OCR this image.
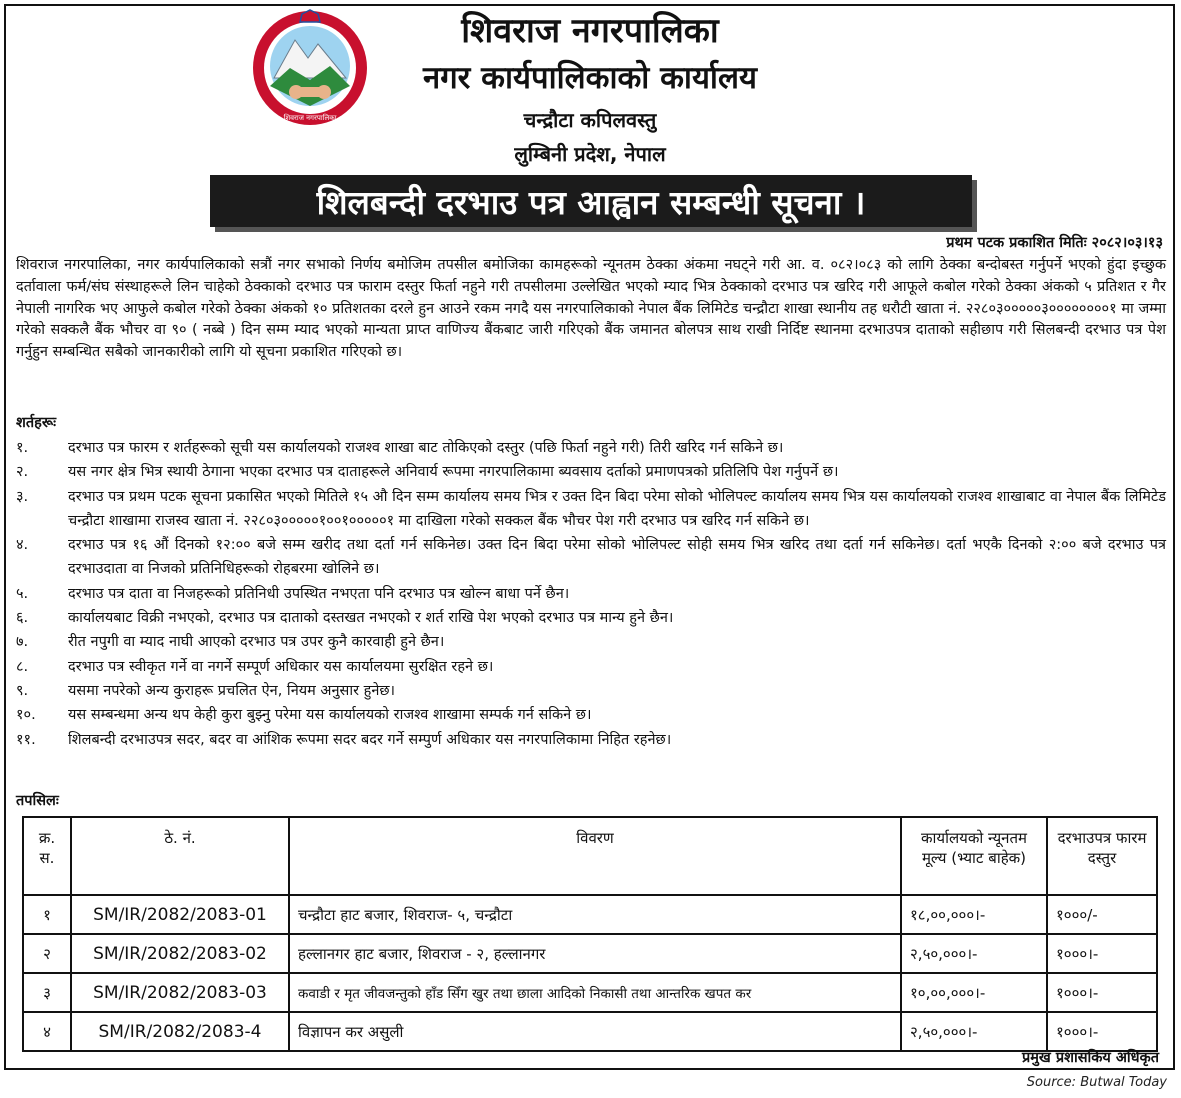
शिवराज नगरपालिका
शिवराज नगरपालिका
नगर कार्यपालिकाको कार्यालय
चन्द्रौटा कपिलवस्तु
लुम्बिनी प्रदेश, नेपाल
शिलबन्दी दरभाउ पत्र आह्वान सम्बन्धी सूचना ।
प्रथम पटक प्रकाशित मितिः २०८२।०३।१३
शिवराज नगरपालिका, नगर कार्यपालिकाको सत्रौं नगर सभाको निर्णय बमोजिम तपसील बमोजिका कामहरूको न्यूनतम ठेक्का अंकमा नघट्ने गरी आ. व. ०८२।०८३ को लागि ठेक्का बन्दोबस्त गर्नुपर्ने भएको हुंदा इच्छुक दर्तावाला फर्म/संघ संस्थाहरूले लिन चाहेको ठेक्काको दरभाउ पत्र फाराम दस्तुर फिर्ता नहुने गरी तपसीलमा उल्लेखित भएको म्याद भित्र ठेक्काको दरभाउ पत्र खरिद गरी आफूले कबोल गरेको ठेक्का अंकको ५ प्रतिशत र गैर नेपाली नागरिक भए आफुले कबोल गरेको ठेक्का अंकको १० प्रतिशतका दरले हुन आउने रकम नगदै यस नगरपालिकाको नेपाल बैंक लिमिटेड चन्द्रौटा शाखा स्थानीय तह धरौटी खाता नं. २२८०३०००००३००००००००१ मा जम्मा गरेको सक्कलै बैंक भौचर वा ९० ( नब्बे ) दिन सम्म म्याद भएको मान्यता प्राप्त वाणिज्य बैंकबाट जारी गरिएको बैंक जमानत बोलपत्र साथ राखी निर्दिष्ट स्थानमा दरभाउपत्र दाताको सहीछाप गरी सिलबन्दी दरभाउ पत्र पेश गर्नुहुन सम्बन्धित सबैको जानकारीको लागि यो सूचना प्रकाशित गरिएको छ।
शर्तहरूः
१.	दरभाउ पत्र फारम र शर्तहरूको सूची यस कार्यालयको राजश्व शाखा बाट तोकिएको दस्तुर (पछि फिर्ता नहुने गरी) तिरी खरिद गर्न सकिने छ।
२.	यस नगर क्षेत्र भित्र स्थायी ठेगाना भएका दरभाउ पत्र दाताहरूले अनिवार्य रूपमा नगरपालिकामा ब्यवसाय दर्ताको प्रमाणपत्रको प्रतिलिपि पेश गर्नुपर्ने छ।
३.	दरभाउ पत्र प्रथम पटक सूचना प्रकासित भएको मितिले १५ औ दिन सम्म कार्यालय समय भित्र र उक्त दिन बिदा परेमा सोको भोलिपल्ट कार्यालय समय भित्र यस कार्यालयको राजश्व शाखाबाट वा नेपाल बैंक लिमिटेड चन्द्रौटा शाखामा राजस्व खाता नं. २२८०३०००००१००१०००००१ मा दाखिला गरेको सक्कल बैंक भौचर पेश गरी दरभाउ पत्र खरिद गर्न सकिने छ।
४.	दरभाउ पत्र १६ औं दिनको १२:०० बजे सम्म खरीद तथा दर्ता गर्न सकिनेछ। उक्त दिन बिदा परेमा सोको भोलिपल्ट सोही समय भित्र खरिद तथा दर्ता गर्न सकिनेछ। दर्ता भएकै दिनको २:०० बजे दरभाउ पत्र दरभाउदाता वा निजको प्रतिनिधिहरूको रोहबरमा खोलिने छ।
५.	दरभाउ पत्र दाता वा निजहरूको प्रतिनिधी उपस्थित नभएता पनि दरभाउ पत्र खोल्न बाधा पर्ने छैन।
६.	कार्यालयबाट विक्री नभएको, दरभाउ पत्र दाताको दस्तखत नभएको र शर्त राखि पेश भएको दरभाउ पत्र मान्य हुने छैन।
७.	रीत नपुगी वा म्याद नाघी आएको दरभाउ पत्र उपर कुनै कारवाही हुने छैन।
८.	दरभाउ पत्र स्वीकृत गर्ने वा नगर्ने सम्पूर्ण अधिकार यस कार्यालयमा सुरक्षित रहने छ।
९.	यसमा नपरेको अन्य कुराहरू प्रचलित ऐन, नियम अनुसार हुनेछ।
१०.	यस सम्बन्धमा अन्य थप केही कुरा बुझ्नु परेमा यस कार्यालयको राजश्व शाखामा सम्पर्क गर्न सकिने छ।
११.	शिलबन्दी दरभाउपत्र सदर, बदर वा आंशिक रूपमा सदर बदर गर्ने सम्पुर्ण अधिकार यस नगरपालिकामा निहित रहनेछ।
तपसिलः
क्र. स.	ठे. नं.	विवरण	कार्यालयको न्यूनतम मूल्य (भ्याट बाहेक)	दरभाउपत्र फारम दस्तुर
१	SM/IR/2082/2083-01	चन्द्रौटा हाट बजार, शिवराज- ५, चन्द्रौटा	१८,००,०००।-	१०००/-
२	SM/IR/2082/2083-02	हल्लानगर हाट बजार, शिवराज - २, हल्लानगर	२,५०,०००।-	१०००।-
३	SM/IR/2082/2083-03	कवाडी र मृत जीवजन्तुको हाँड सिँग खुर तथा छाला आदिको निकासी तथा आन्तरिक खपत कर	१०,००,०००।-	१०००।-
४	SM/IR/2082/2083-4	विज्ञापन कर असुली	२,५०,०००।-	१०००।-
प्रमुख प्रशासकिय अधिकृत
Source: Butwal Today
